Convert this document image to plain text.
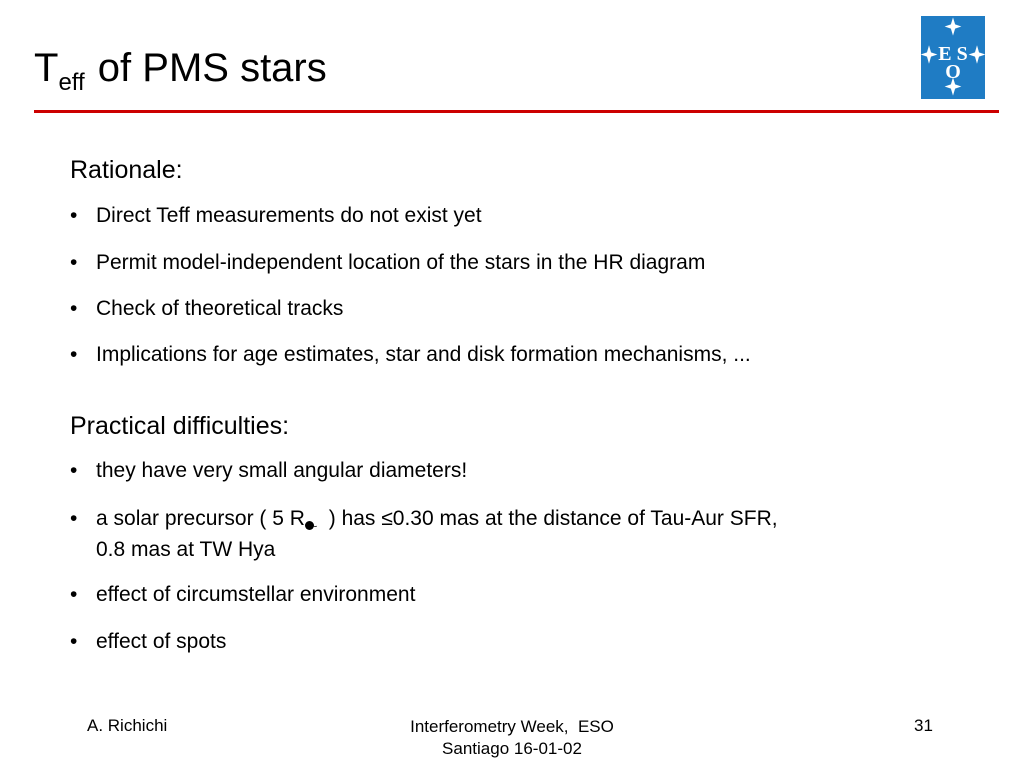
$T_{eff}$ of PMS stars	E S
O
Rationale:
• Direct Teff measurements do not exist yet
• Permit model-independent location of the stars in the HR diagram
• Check of theoretical tracks
• Implications for age estimates, star and disk formation mechanisms, ...
Practical difficulties:
• they have very small angular diameters!
• a solar precursor ( 5 R ~ ) has ≤0.30 mas at the distance of Tau-Aur SFR,
0.8 mas at TW Hya
• effect of circumstellar environment
• effect of spots
A. Richichi	Interferometry Week,  ESO
Santiago 16-01-02
31
